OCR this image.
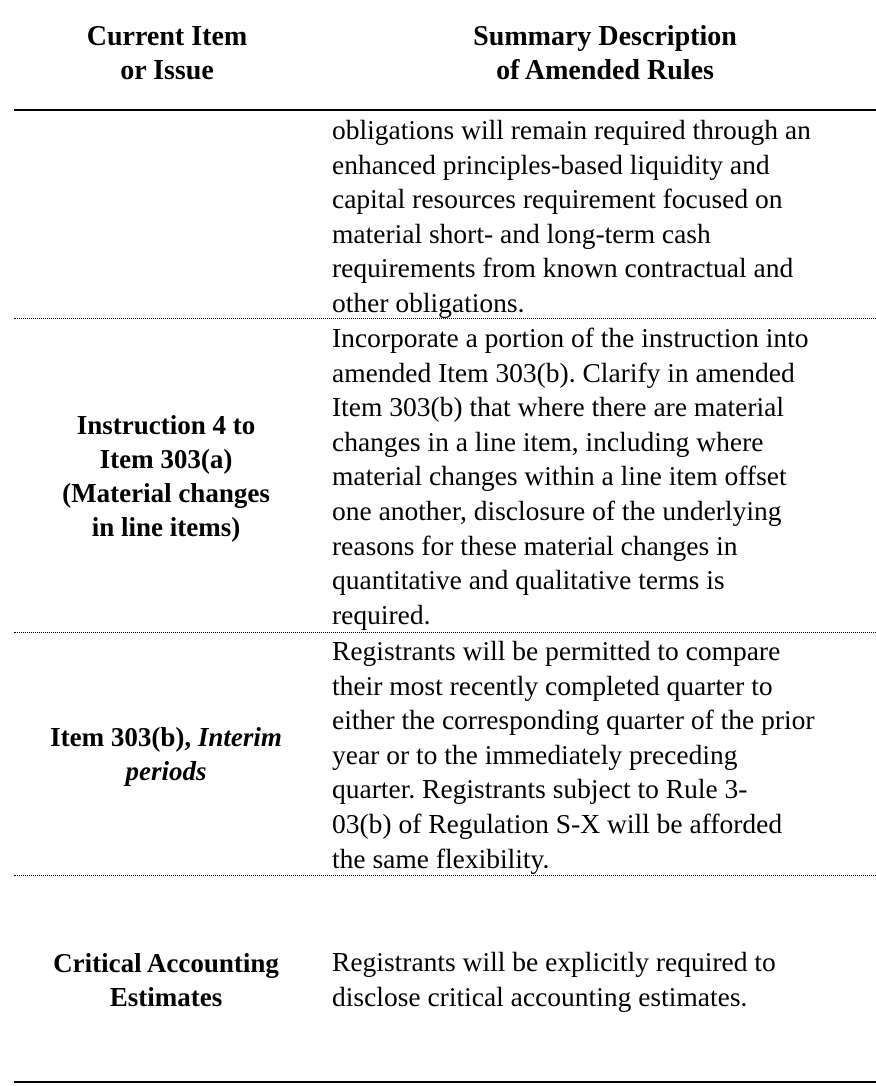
Current Item
or Issue
Summary Description
of Amended Rules
obligations will remain required through an
enhanced principles-based liquidity and
capital resources requirement focused on
material short- and long-term cash
requirements from known contractual and
other obligations.
Instruction 4 to
Item 303(a)
(Material changes
in line items)
Incorporate a portion of the instruction into
amended Item 303(b). Clarify in amended
Item 303(b) that where there are material
changes in a line item, including where
material changes within a line item offset
one another, disclosure of the underlying
reasons for these material changes in
quantitative and qualitative terms is
required.
Item 303(b), Interim
periods
Registrants will be permitted to compare
their most recently completed quarter to
either the corresponding quarter of the prior
year or to the immediately preceding
quarter. Registrants subject to Rule 3-
03(b) of Regulation S-X will be afforded
the same flexibility.
Critical Accounting
Estimates
Registrants will be explicitly required to
disclose critical accounting estimates.
